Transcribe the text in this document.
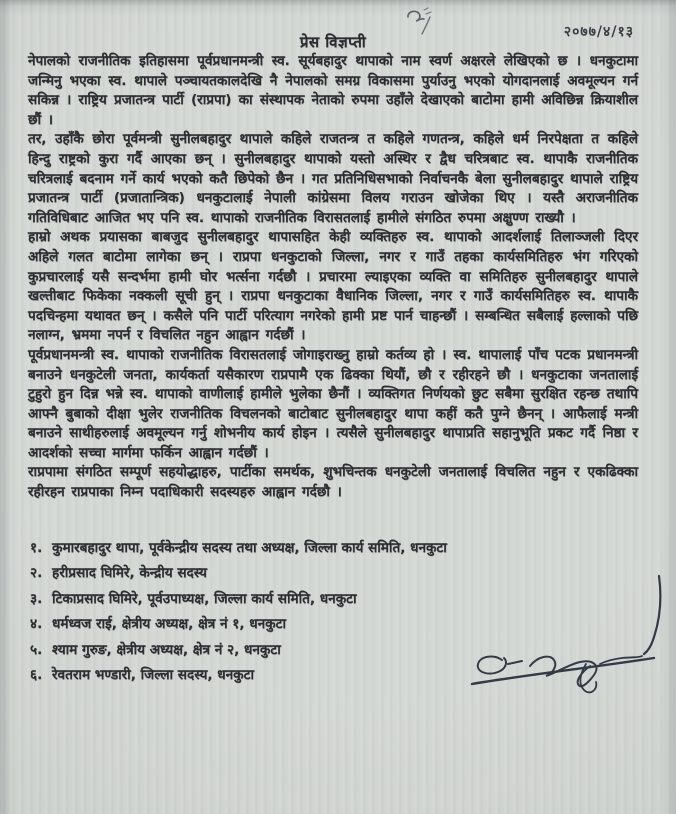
२०७७/४/१३
प्रेस विज्ञप्ती

नेपालको राजनीतिक इतिहासमा पूर्वप्रधानमन्त्री स्व. सूर्यबहादुर थापाको नाम स्वर्ण अक्षरले लेखिएको छ । धनकुटामा जन्मिनु भएका स्व. थापाले पञ्चायतकालदेखि नै नेपालको समग्र विकासमा पुर्याउनु भएको योगदानलाई अवमूल्यन गर्न सकिन्न । राष्ट्रिय प्रजातन्त्र पार्टी (राप्रपा) का संस्थापक नेताको रुपमा उहाँले देखाएको बाटोमा हामी अविछिन्न क्रियाशील छौं ।

तर, उहाँकै छोरा पूर्वमन्त्री सुनीलबहादुर थापाले कहिले राजतन्त्र त कहिले गणतन्त्र, कहिले धर्म निरपेक्षता त कहिले हिन्दु राष्ट्रको कुरा गर्दै आएका छन् । सुनीलबहादुर थापाको यस्तो अस्थिर र द्वैध चरित्रबाट स्व. थापाकै राजनीतिक चरित्रलाई बदनाम गर्ने कार्य भएको कतै छिपेको छैन । गत प्रतिनिधिसभाको निर्वाचनकै बेला सुनीलबहादुर थापाले राष्ट्रिय प्रजातन्त्र पार्टी (प्रजातान्त्रिक) धनकुटालाई नेपाली कांग्रेसमा विलय गराउन खोजेका थिए । यस्तै अराजनीतिक गतिविधिबाट आजित भए पनि स्व. थापाको राजनीतिक विरासतलाई हामीले संगठित रुपमा अक्षुण्ण राख्यौ ।

हाम्रो अथक प्रयासका बाबजुद सुनीलबहादुर थापासहित केही व्यक्तिहरु स्व. थापाको आदर्शलाई तिलाञ्जली दिएर अहिले गलत बाटोमा लागेका छन् । राप्रपा धनकुटाको जिल्ला, नगर र गाउँ तहका कार्यसमितिहरु भंग गरिएको कुप्रचारलाई यसै सन्दर्भमा हामी घोर भर्त्सना गर्दछौ । प्रचारमा ल्याइएका व्यक्ति वा समितिहरु सुनीलबहादुर थापाले खल्तीबाट फिकेका नक्कली सूची हुन् । राप्रपा धनकुटाका वैधानिक जिल्ला, नगर र गाउँ कार्यसमितिहरु स्व. थापाकै पदचिन्हमा यथावत छन् । कसैले पनि पार्टी परित्याग नगरेको हामी प्रष्ट पार्न चाहन्छौं । सम्बन्धित सबैलाई हल्लाको पछि नलाग्न, भ्रममा नपर्न र विचलित नहुन आह्वान गर्दछौं ।

पूर्वप्रधानमन्त्री स्व. थापाको राजनीतिक विरासतलाई जोगाइराख्नु हाम्रो कर्तव्य हो । स्व. थापालाई पाँच पटक प्रधानमन्त्री बनाउने धनकुटेली जनता, कार्यकर्ता यसैकारण राप्रपामै एक ढिक्का थियौं, छौ र रहीरहने छौ । धनकुटाका जनतालाई टुहुरो हुन दिन्न भन्ने स्व. थापाको वाणीलाई हामीले भुलेका छैनौं । व्यक्तिगत निर्णयको छुट सबैमा सुरक्षित रहन्छ तथापि आफ्नै बुबाको दीक्षा भुलेर राजनीतिक विचलनको बाटोबाट सुनीलबहादुर थापा कहीं कतै पुग्ने छैनन् । आफैलाई मन्त्री बनाउने साथीहरुलाई अवमूल्यन गर्नु शोभनीय कार्य होइन । त्यसैले सुनीलबहादुर थापाप्रति सहानुभूति प्रकट गर्दै निष्ठा र आदर्शको सच्चा मार्गमा फर्किन आह्वान गर्दछौं ।

राप्रपामा संगठित सम्पूर्ण सहयोद्धाहरु, पार्टीका समर्थक, शुभचिन्तक धनकुटेली जनतालाई विचलित नहुन र एकढिक्का रहीरहन राप्रपाका निम्न पदाधिकारी सदस्यहरु आह्वान गर्दछौ ।

१. कुमारबहादुर थापा, पूर्वकेन्द्रीय सदस्य तथा अध्यक्ष, जिल्ला कार्य समिति, धनकुटा
२. हरीप्रसाद घिमिरे, केन्द्रीय सदस्य
३. टिकाप्रसाद घिमिरे, पूर्वउपाध्यक्ष, जिल्ला कार्य समिति, धनकुटा
४. धर्मध्वज राई, क्षेत्रीय अध्यक्ष, क्षेत्र नं १, धनकुटा
५. श्याम गुरुङ, क्षेत्रीय अध्यक्ष, क्षेत्र नं २, धनकुटा
६. रेवतराम भण्डारी, जिल्ला सदस्य, धनकुटा
